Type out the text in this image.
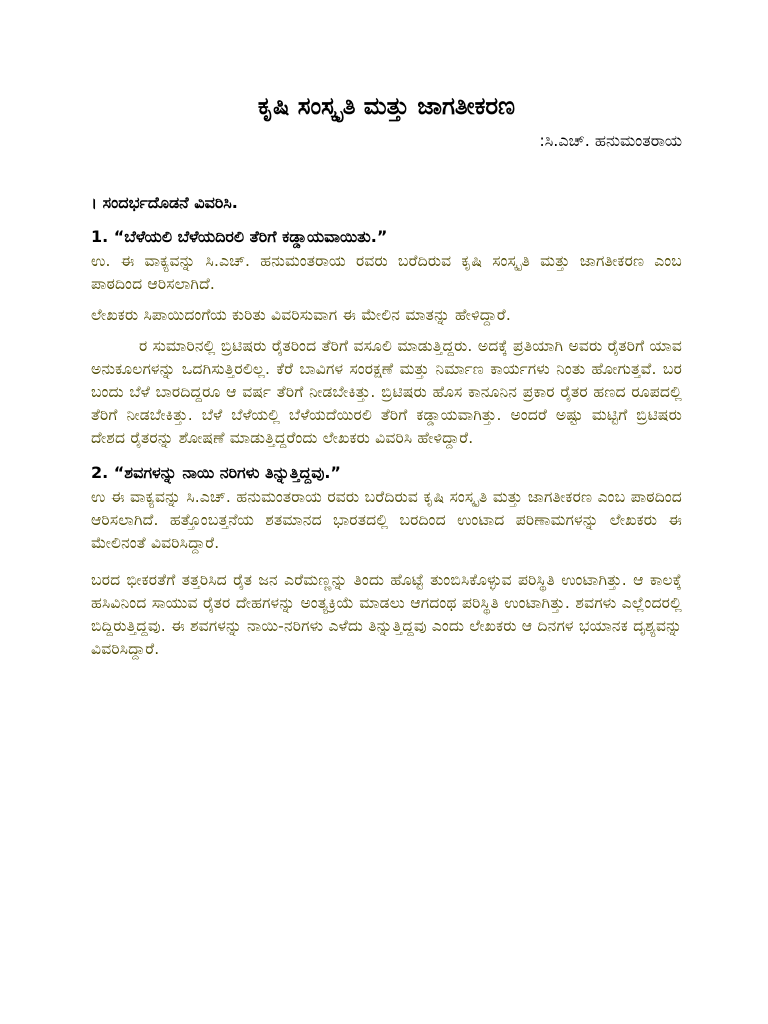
ಕೃಷಿ ಸಂಸ್ಕೃತಿ ಮತ್ತು ಜಾಗತೀಕರಣ

:ಸಿ.ಎಚ್. ಹನುಮಂತರಾಯ

। ಸಂದರ್ಭದೊಡನೆ ವಿವರಿಸಿ.

1. “ಬೆಳೆಯಲಿ ಬೆಳೆಯದಿರಲಿ ತೆರಿಗೆ ಕಡ್ಡಾಯವಾಯಿತು.”

ಉ. ಈ ವಾಕ್ಯವನ್ನು ಸಿ.ಎಚ್. ಹನುಮಂತರಾಯ ರವರು ಬರೆದಿರುವ ಕೃಷಿ ಸಂಸ್ಕೃತಿ ಮತ್ತು ಜಾಗತೀಕರಣ ಎಂಬ ಪಾಠದಿಂದ ಆರಿಸಲಾಗಿದೆ.

ಲೇಖಕರು ಸಿಪಾಯಿದಂಗೆಯ ಕುರಿತು ವಿವರಿಸುವಾಗ ಈ ಮೇಲಿನ ಮಾತನ್ನು ಹೇಳಿದ್ದಾರೆ.

ರ ಸುಮಾರಿನಲ್ಲಿ ಬ್ರಿಟಿಷರು ರೈತರಿಂದ ತೆರಿಗೆ ವಸೂಲಿ ಮಾಡುತ್ತಿದ್ದರು. ಅದಕ್ಕೆ ಪ್ರತಿಯಾಗಿ ಅವರು ರೈತರಿಗೆ ಯಾವ ಅನುಕೂಲಗಳನ್ನು ಒದಗಿಸುತ್ತಿರಲಿಲ್ಲ. ಕೆರೆ ಬಾವಿಗಳ ಸಂರಕ್ಷಣೆ ಮತ್ತು ನಿರ್ಮಾಣ ಕಾರ್ಯಗಳು ನಿಂತು ಹೋಗುತ್ತವೆ. ಬರ ಬಂದು ಬೆಳೆ ಬಾರದಿದ್ದರೂ ಆ ವರ್ಷ ತೆರಿಗೆ ನೀಡಬೇಕಿತ್ತು. ಬ್ರಿಟಿಷರು ಹೊಸ ಕಾನೂನಿನ ಪ್ರಕಾರ ರೈತರ ಹಣದ ರೂಪದಲ್ಲಿ ತೆರಿಗೆ ನೀಡಬೇಕಿತ್ತು. ಬೆಳೆ ಬೆಳೆಯಲ್ಲಿ ಬೆಳೆಯದೆಯಿರಲಿ ತೆರಿಗೆ ಕಡ್ಡಾಯವಾಗಿತ್ತು. ಅಂದರೆ ಅಷ್ಟು ಮಟ್ಟಿಗೆ ಬ್ರಿಟಿಷರು ದೇಶದ ರೈತರನ್ನು ಶೋಷಣೆ ಮಾಡುತ್ತಿದ್ದರೆಂದು ಲೇಖಕರು ವಿವರಿಸಿ ಹೇಳಿದ್ದಾರೆ.

2. “ಶವಗಳನ್ನು ನಾಯಿ ನರಿಗಳು ತಿನ್ನುತ್ತಿದ್ದವು.”

ಉ ಈ ವಾಕ್ಯವನ್ನು ಸಿ.ಎಚ್. ಹನುಮಂತರಾಯ ರವರು ಬರೆದಿರುವ ಕೃಷಿ ಸಂಸ್ಕೃತಿ ಮತ್ತು ಜಾಗತೀಕರಣ ಎಂಬ ಪಾಠದಿಂದ ಆರಿಸಲಾಗಿದೆ. ಹತ್ತೊಂಬತ್ತನೆಯ ಶತಮಾನದ ಭಾರತದಲ್ಲಿ ಬರದಿಂದ ಉಂಟಾದ ಪರಿಣಾಮಗಳನ್ನು ಲೇಖಕರು ಈ ಮೇಲಿನಂತೆ ವಿವರಿಸಿದ್ದಾರೆ.

ಬರದ ಭೀಕರತೆಗೆ ತತ್ತರಿಸಿದ ರೈತ ಜನ ಎರೆಮಣ್ಣನ್ನು ತಿಂದು ಹೊಟ್ಟೆ ತುಂಬಿಸಿಕೊಳ್ಳುವ ಪರಿಸ್ಥಿತಿ ಉಂಟಾಗಿತ್ತು. ಆ ಕಾಲಕ್ಕೆ ಹಸಿವಿನಿಂದ ಸಾಯುವ ರೈತರ ದೇಹಗಳನ್ನು ಅಂತ್ಯಕ್ರಿಯೆ ಮಾಡಲು ಆಗದಂಥ ಪರಿಸ್ಥಿತಿ ಉಂಟಾಗಿತ್ತು. ಶವಗಳು ಎಲ್ಲೆಂದರಲ್ಲಿ ಬಿದ್ದಿರುತ್ತಿದ್ದವು. ಈ ಶವಗಳನ್ನು ನಾಯಿ-ನರಿಗಳು ಎಳೆದು ತಿನ್ನುತ್ತಿದ್ದವು ಎಂದು ಲೇಖಕರು ಆ ದಿನಗಳ ಭಯಾನಕ ದೃಶ್ಯವನ್ನು ವಿವರಿಸಿದ್ದಾರೆ.
